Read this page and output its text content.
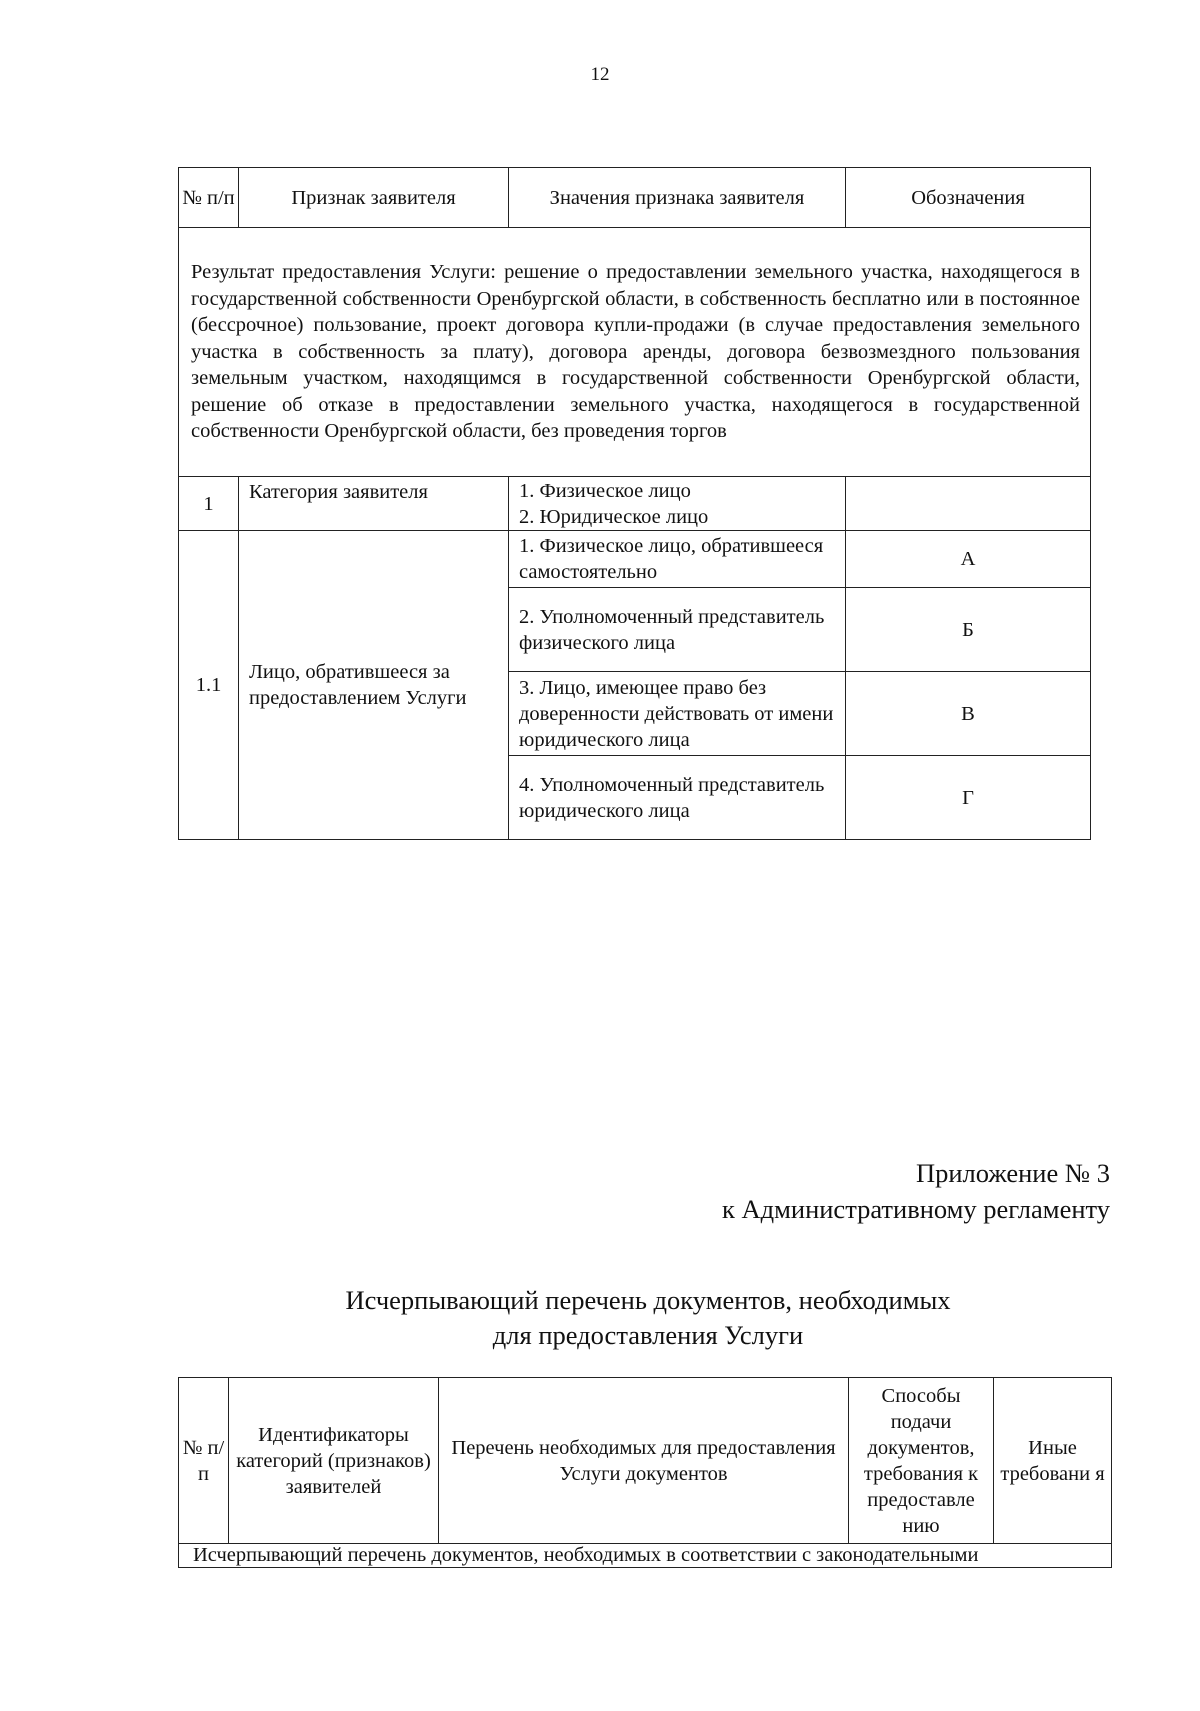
12
№ п/п	Признак заявителя	Значения признака заявителя	Обозначения
Результат предоставления Услуги: решение о предоставлении земельного участка, находящегося в государственной собственности Оренбургской области, в собственность бесплатно или в постоянное (бессрочное) пользование, проект договора купли-продажи (в случае предоставления земельного участка в собственность за плату), договора аренды, договора безвозмездного пользования земельным участком, находящимся в государственной собственности Оренбургской области, решение об отказе в предоставлении земельного участка, находящегося в государственной собственности Оренбургской области, без проведения торгов			
1	Категория заявителя	1. Физическое лицо
2. Юридическое лицо	

1.1	Лицо, обратившееся за предоставлением Услуги	1. Физическое лицо, обратившееся самостоятельно	А
		2. Уполномоченный представитель физического лица	Б
		3. Лицо, имеющее право без доверенности действовать от имени юридического лица	В
		4. Уполномоченный представитель юридического лица	Г
Приложение № 3
к Административному регламенту
Исчерпывающий перечень документов, необходимых
для предоставления Услуги
№ п/ п	Идентификаторы категорий (признаков) заявителей	Перечень необходимых для предоставления Услуги документов	Способы подачи документов, требования к предоставле нию	Иные требовани я
Исчерпывающий перечень документов, необходимых в соответствии с законодательными
